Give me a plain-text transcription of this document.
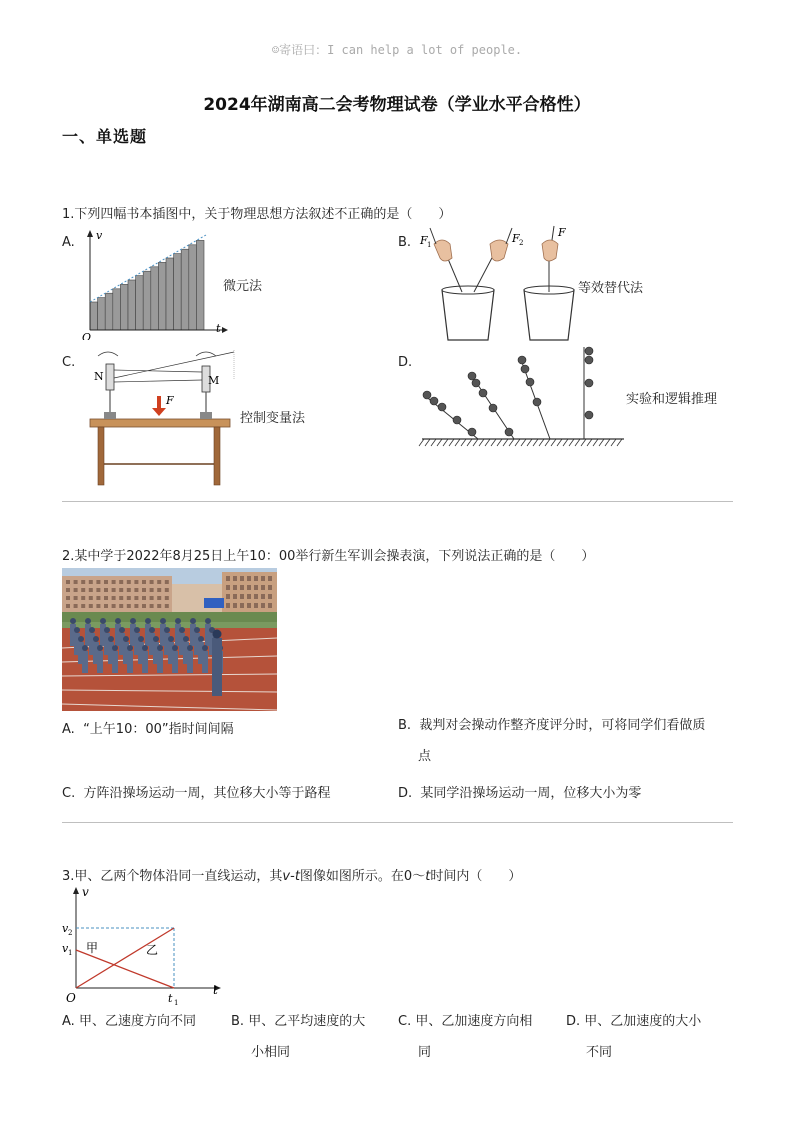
☺寄语曰：I can help a lot of people.
2024年湖南高二会考物理试卷（学业水平合格性）
一、单选题
1.下列四幅书本插图中，关于物理思想方法叙述不正确的是（　　）
A. v
t
O
微元法
B. F 1	F 2
F
等效替代法
C.
N	M
F
控制变量法
D.
实验和逻辑推理
2.某中学于2022年8月25日上午10：00举行新生军训会操表演，下列说法正确的是（　　）
A. “上午10：00”指时间间隔	B. 裁判对会操动作整齐度评分时，可将同学们看做质
点
C. 方阵沿操场运动一周，其位移大小等于路程	D. 某同学沿操场运动一周，位移大小为零
3.甲、乙两个物体沿同一直线运动，其v-t图像如图所示。在0～t时间内（　　）
v
t
O
v 2
v 1
t 1
甲	乙
A. 甲、乙速度方向不同	B. 甲、乙平均速度的大
小相同
C. 甲、乙加速度方向相
同
D. 甲、乙加速度的大小
不同
